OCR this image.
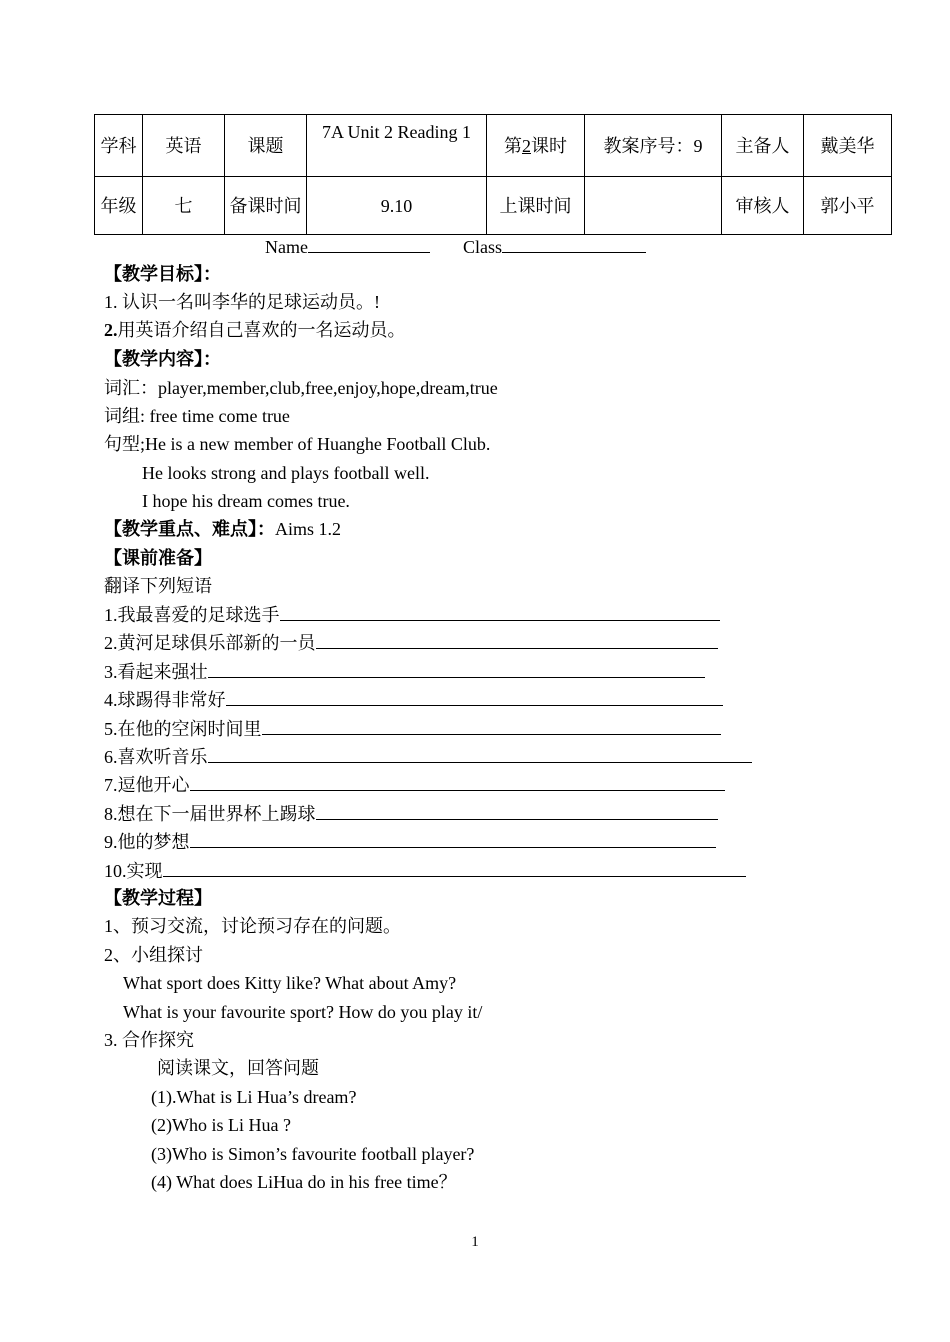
学科	英语	课题	7A Unit 2 Reading 1	第2课时	教案序号：9	主备人	戴美华
年级	七	备课时间	9.10	上课时间		审核人	郭小平
Name	Class
【教学目标】：
1. 认识一名叫李华的足球运动员。!
2.用英语介绍自己喜欢的一名运动员。
【教学内容】：
词汇：player,member,club,free,enjoy,hope,dream,true
词组: free time come true
句型;He is a new member of Huanghe Football Club.
He looks strong and plays football well.
I hope his dream comes true.
【教学重点、难点】：Aims 1.2
【课前准备】
翻译下列短语
1.我最喜爱的足球选手
2.黄河足球俱乐部新的一员
3.看起来强壮
4.球踢得非常好
5.在他的空闲时间里
6.喜欢听音乐
7.逗他开心
8.想在下一届世界杯上踢球
9.他的梦想
10.实现
【教学过程】
1、预习交流，讨论预习存在的问题。
2、小组探讨
What sport does Kitty like? What about Amy?
What is your favourite sport? How do you play it/
3. 合作探究
阅读课文，回答问题
(1).What is Li Hua’s dream?
(2)Who is Li Hua ?
(3)Who is Simon’s favourite football player?
(4) What does LiHua do in his free time？
1
